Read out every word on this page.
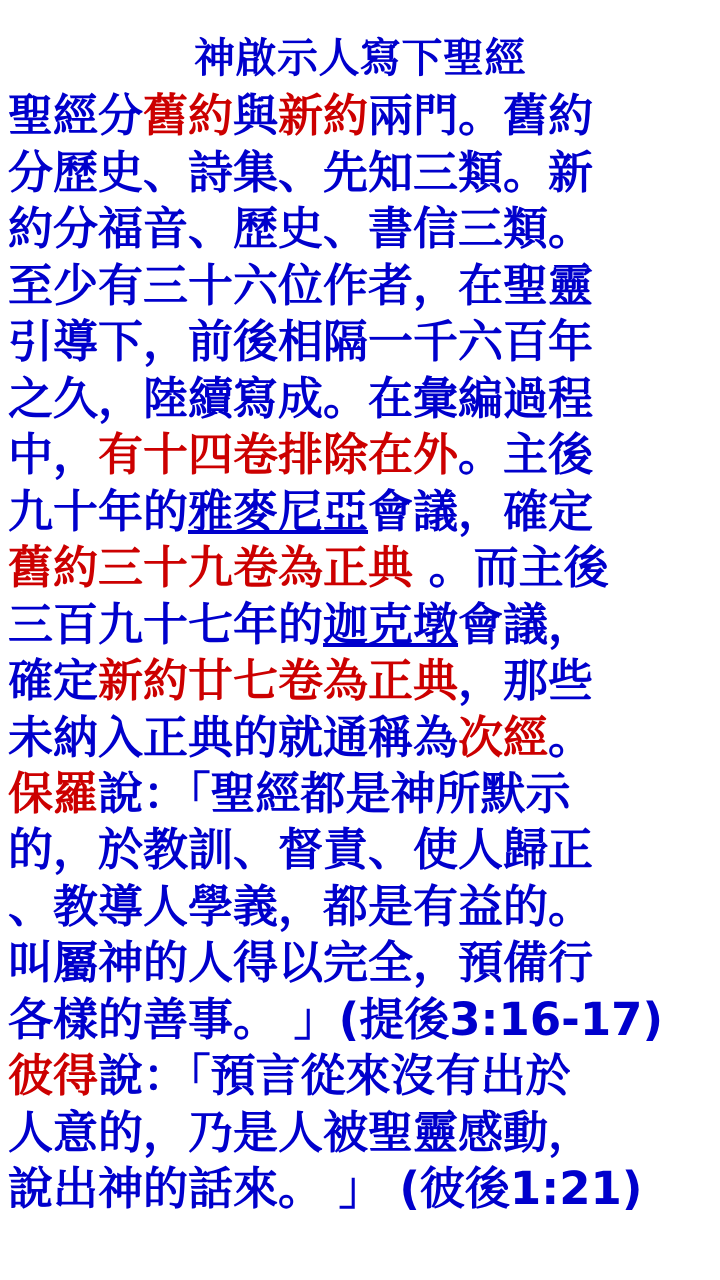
神啟示人寫下聖經
聖經分舊約與新約兩門。舊約
分歷史、詩集、先知三類。新
約分福音、歷史、書信三類。
至少有三十六位作者，在聖靈
引導下，前後相隔一千六百年
之久，陸續寫成。在彙編過程
中，有十四卷排除在外。主後
九十年的雅麥尼亞會議，確定
舊約三十九卷為正典 。而主後
三百九十七年的迦克墩會議，
確定新約廿七卷為正典，那些
未納入正典的就通稱為次經。
保羅說：「聖經都是神所默示
的，於教訓、督責、使人歸正
、教導人學義，都是有益的。
叫屬神的人得以完全，預備行
各樣的善事。 」(提後3:16-17)
彼得說：「預言從來沒有出於
人意的，乃是人被聖靈感動，
說出神的話來。 」 (彼後1:21)
